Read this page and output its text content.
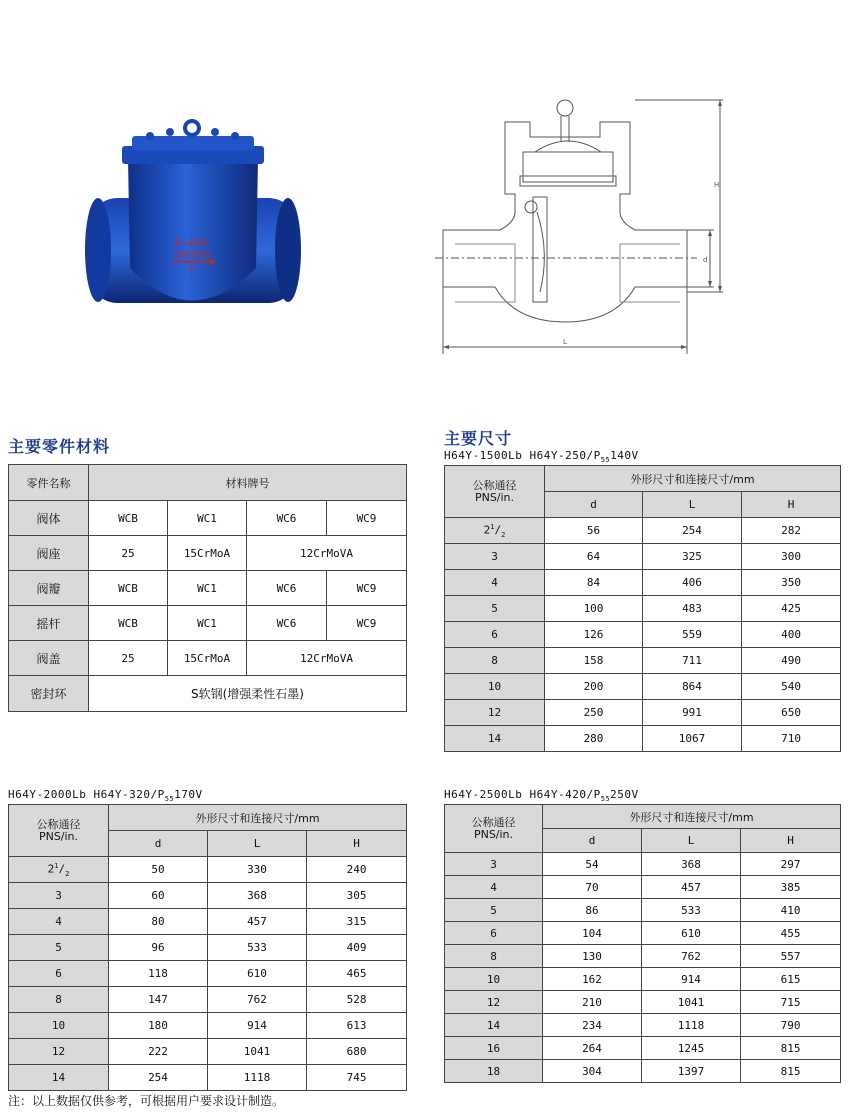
P₅₅64V
DN500
V
H
d
L
主要零件材料	主要尺寸
零件名称	材料牌号			
阀体	WCB	WC1	WC6	WC9
阀座	25	15CrMoA	12CrMoVA	
阀瓣	WCB	WC1	WC6	WC9
摇杆	WCB	WC1	WC6	WC9
阀盖	25	15CrMoA	12CrMoVA	
密封环	S软钢(增强柔性石墨)			
H64Y-1500Lb $H64Y-250/P_{55}140V$
公称通径
PNS/in.	外形尺寸和连接尺寸/mm		
	d	L	H
$2^1/_2$	56	254	282
3	64	325	300
4	84	406	350
5	100	483	425
6	126	559	400
8	158	711	490
10	200	864	540
12	250	991	650
14	280	1067	710
H64Y-2000Lb $H64Y-320/P_{55}170V$
公称通径
PNS/in.	外形尺寸和连接尺寸/mm		
	d	L	H
$2^1/_2$	50	330	240
3	60	368	305
4	80	457	315
5	96	533	409
6	118	610	465
8	147	762	528
10	180	914	613
12	222	1041	680
14	254	1118	745
H64Y-2500Lb $H64Y-420/P_{55}250V$
公称通径
PNS/in.	外形尺寸和连接尺寸/mm		
	d	L	H
3	54	368	297
4	70	457	385
5	86	533	410
6	104	610	455
8	130	762	557
10	162	914	615
12	210	1041	715
14	234	1118	790
16	264	1245	815
18	304	1397	815
注：以上数据仅供参考，可根据用户要求设计制造。
